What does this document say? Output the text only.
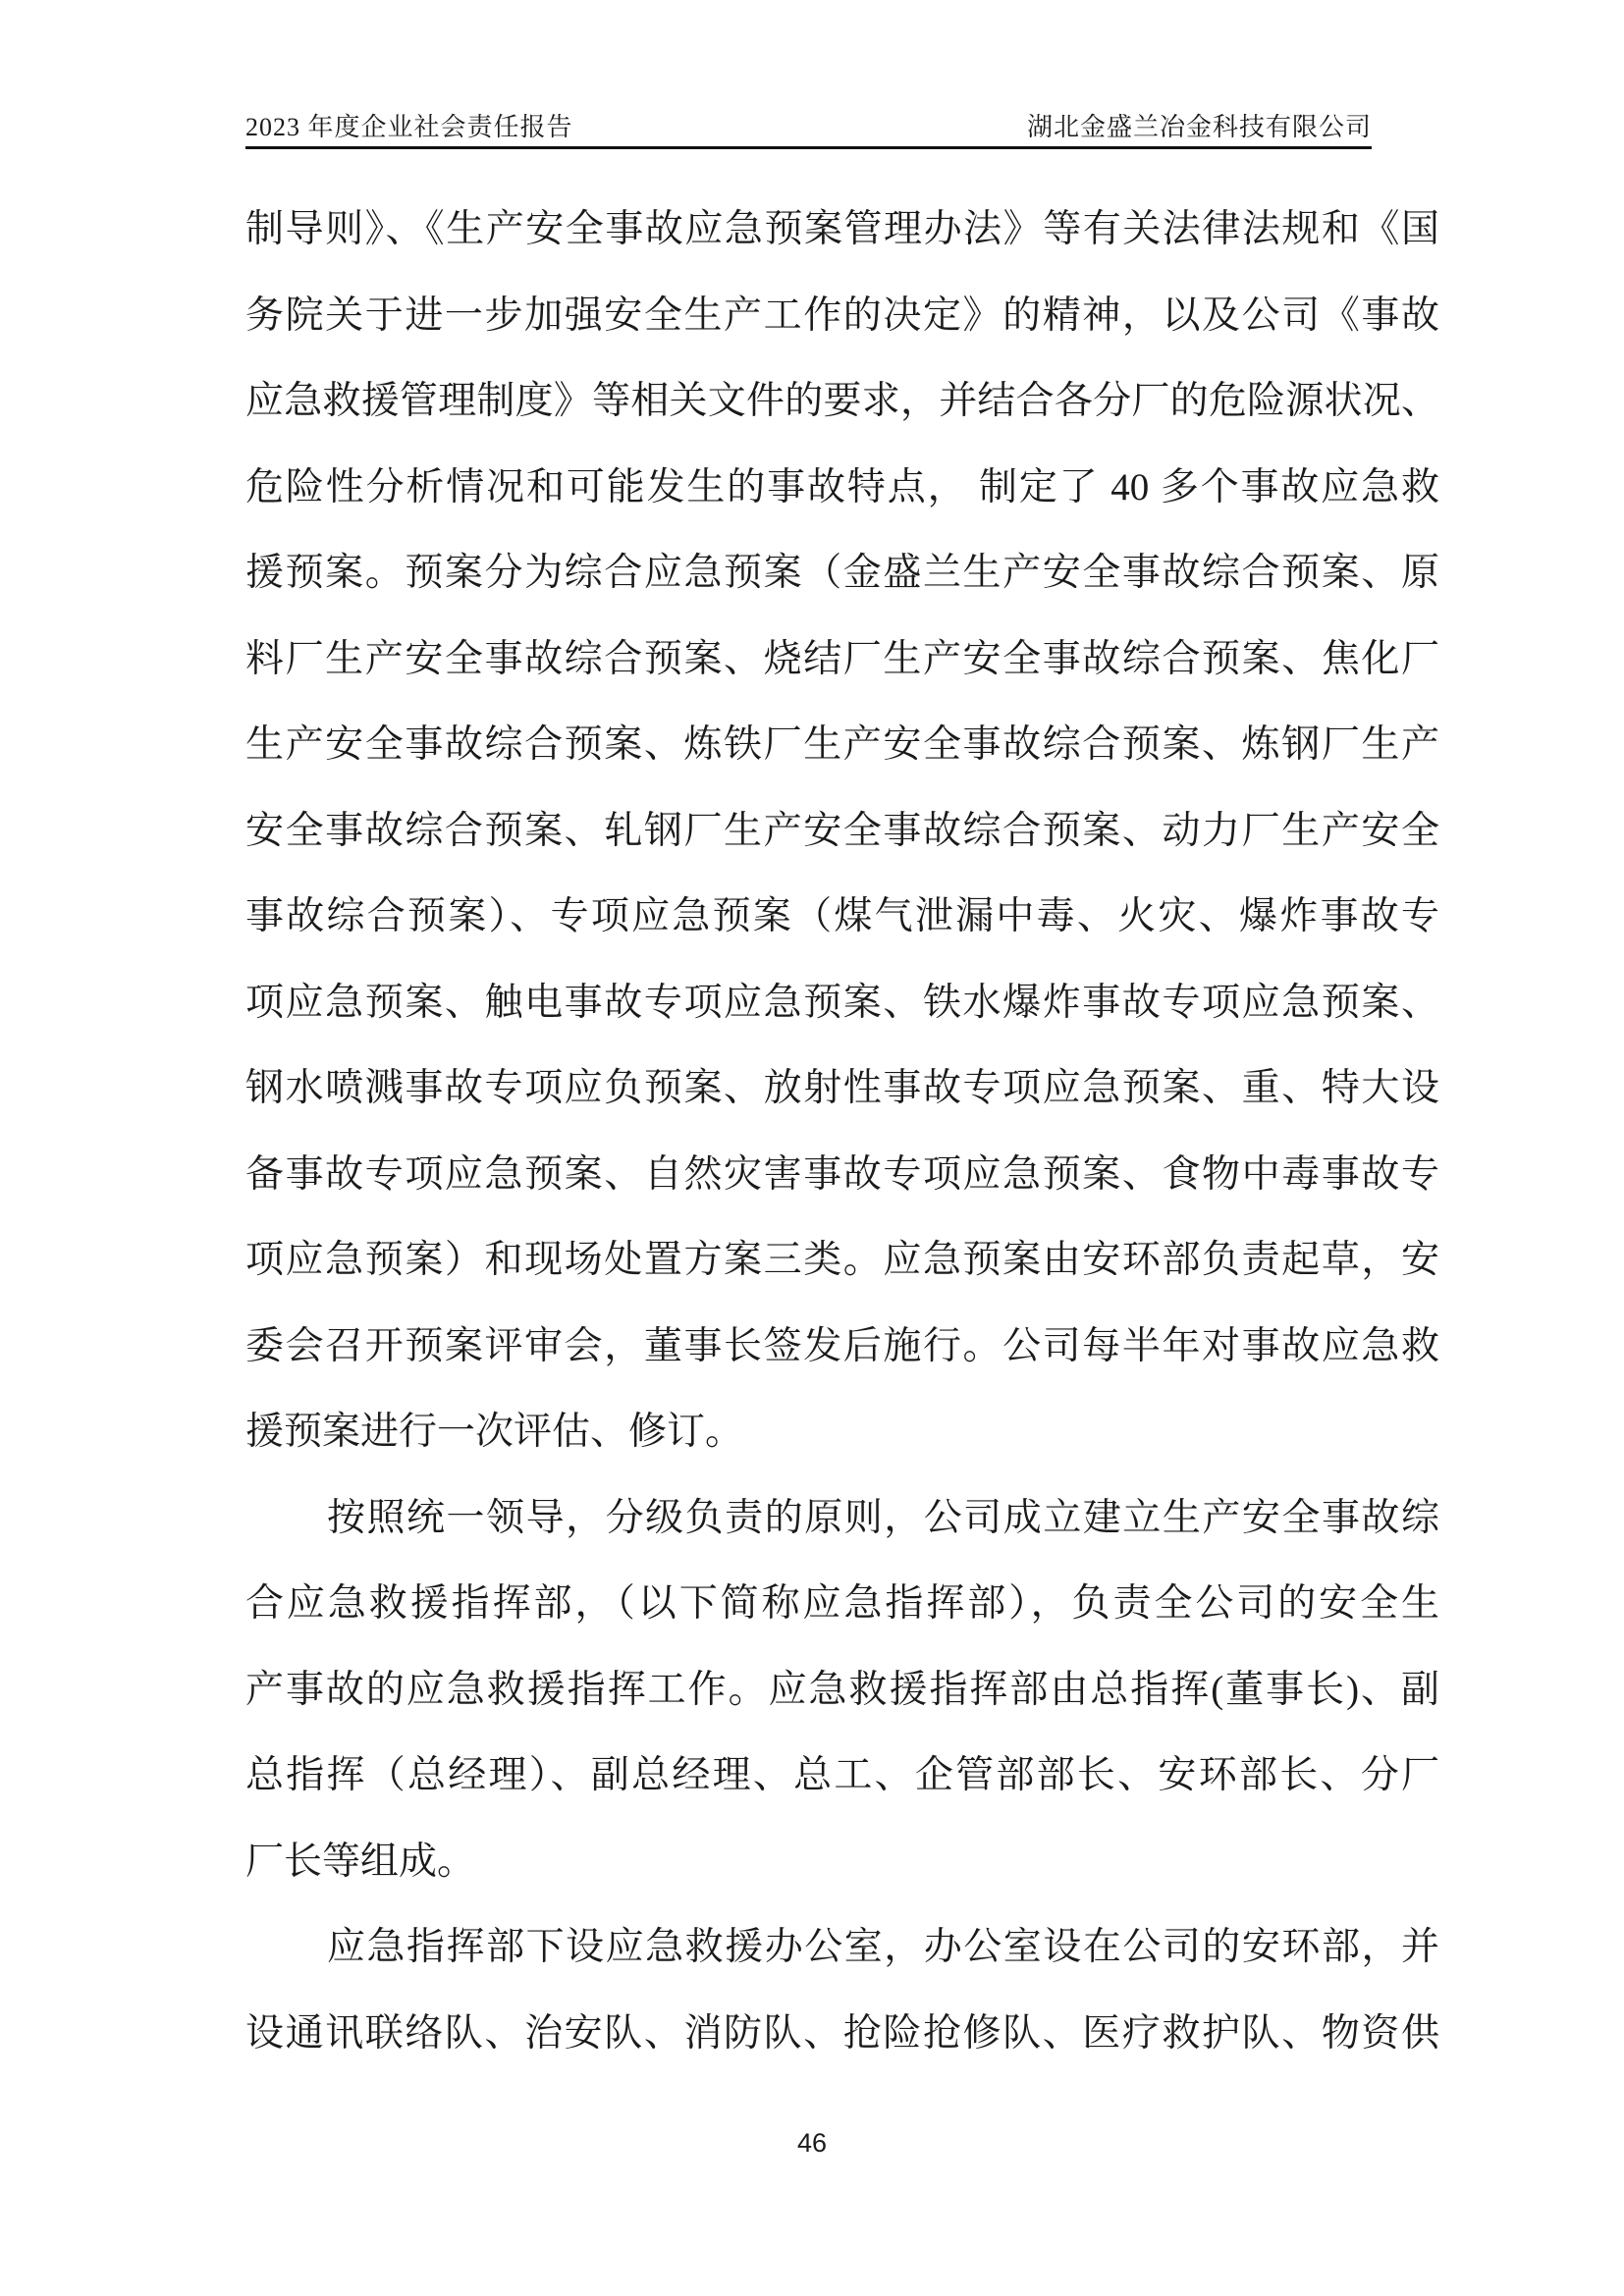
2023 年度企业社会责任报告	湖北金盛兰冶金科技有限公司
制导则》、《生产安全事故应急预案管理办法》等有关法律法规和《国
务院关于进一步加强安全生产工作的决定》的精神，以及公司《事故
应急救援管理制度》等相关文件的要求，并结合各分厂的危险源状况、
危险性分析情况和可能发生的事故特点， 制定了 40 多个事故应急救
援预案。预案分为综合应急预案（金盛兰生产安全事故综合预案、原
料厂生产安全事故综合预案、烧结厂生产安全事故综合预案、焦化厂
生产安全事故综合预案、炼铁厂生产安全事故综合预案、炼钢厂生产
安全事故综合预案、轧钢厂生产安全事故综合预案、动力厂生产安全
事故综合预案）、专项应急预案（煤气泄漏中毒、火灾、爆炸事故专
项应急预案、触电事故专项应急预案、铁水爆炸事故专项应急预案、
钢水喷溅事故专项应负预案、放射性事故专项应急预案、重、特大设
备事故专项应急预案、自然灾害事故专项应急预案、食物中毒事故专
项应急预案）和现场处置方案三类。应急预案由安环部负责起草，安
委会召开预案评审会，董事长签发后施行。公司每半年对事故应急救
援预案进行一次评估、修订。
按照统一领导，分级负责的原则，公司成立建立生产安全事故综
合应急救援指挥部，（以下简称应急指挥部），负责全公司的安全生
产事故的应急救援指挥工作。应急救援指挥部由总指挥(董事长)、副
总指挥（总经理）、副总经理、总工、企管部部长、安环部长、分厂
厂长等组成。
应急指挥部下设应急救援办公室，办公室设在公司的安环部，并
设通讯联络队、治安队、消防队、抢险抢修队、医疗救护队、物资供
46
